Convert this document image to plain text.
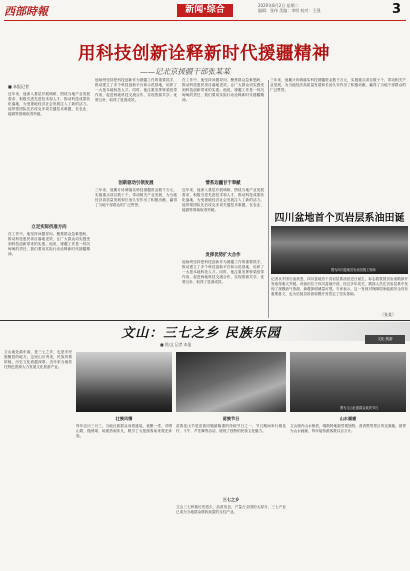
西部時報	新闻·综合	2020年8月2日 星期二
编辑：张伟 美编：李明 校对：王强	3
用科技创新诠释新时代援疆精神
——记北京援疆干部张某某
■ 本报记者
近年来，他深入基层开展调研，围绕当地产业发展需求，积极引进先进技术和人才，推动科技成果转化落地，为受援地经济社会发展注入了新的活力。他带领团队先后攻克多项关键技术难题，在农业、能源等领域取得突破。
立足实际找准方向
在工作中，他坚持问题导向，聚焦群众急难愁盼，推动科技惠民项目落地见效，让广大群众切实感受到科技创新带来的实惠。他说，援疆工作是一份沉甸甸的责任，我们要用实际行动诠释新时代援疆精神。
他始终坚持把科技创新作为援疆工作的重要抓手，推动建立了多个科技创新平台和示范基地，培养了一大批本地科技人才。同时，他注重发挥桥梁纽带作用，促进两地科技交流合作，实现资源共享、优势互补，取得了显著成效。
创新驱动引领发展
三年来，他累计协调落实科技援疆资金数千万元，实施重点项目数十个，带动相关产业发展，为当地经济高质量发展和长治久安作出了积极贡献，赢得了当地干部群众的广泛赞誉。
在工作中，他坚持问题导向，聚焦群众急难愁盼，推动科技惠民项目落地见效，让广大群众切实感受到科技创新带来的实惠。他说，援疆工作是一份沉甸甸的责任，我们要用实际行动诠释新时代援疆精神。
情系边疆甘于奉献
近年来，他深入基层开展调研，围绕当地产业发展需求，积极引进先进技术和人才，推动科技成果转化落地，为受援地经济社会发展注入了新的活力。他带领团队先后攻克多项关键技术难题，在农业、能源等领域取得突破。
发挥优势扩大合作
他始终坚持把科技创新作为援疆工作的重要抓手，推动建立了多个科技创新平台和示范基地，培养了一大批本地科技人才。同时，他注重发挥桥梁纽带作用，促进两地科技交流合作，实现资源共享、优势互补，取得了显著成效。
三年来，他累计协调落实科技援疆资金数千万元，实施重点项目数十个，带动相关产业发展，为当地经济高质量发展和长治久安作出了积极贡献，赢得了当地干部群众的广泛赞誉。
四川盆地首个页岩层系油田诞
图为四川盆地页岩油田施工现场
记者从中国石油获悉，四川盆地首个页岩层系油田近日诞生，标志着我国页岩油勘探开发取得重大突破。该油田位于四川盆地中部，经过多年攻关，勘探人员在页岩层系中发现了规模油气资源，新增探明储量可观。专家表示，这一发现对保障国家能源安全具有重要意义，也为后续页岩油规模开发奠定了坚实基础。
（张某）
文山：三七之乡 民族乐园
■ 图/文 记者 本报
文化·旅游
文山地处滇东南，是三七之乡，也是多民族聚居的地方。这里山川秀美，民族风情浓郁，历史文化底蕴深厚，近年来当地依托特色资源大力发展文化旅游产业。
图为文山壮族群众欢庆节日
壮族风情
每年农历三月三，当地壮族群众身着盛装，欢聚一堂，对唱山歌，抛绣球，场面热闹非凡，吸引了大批游客前来观光体验。
苗族节日
苗族花山节是苗族同胞最隆重的传统节日之一，节日期间举行爬花杆、斗牛、芦笙舞等活动，展现了独特的民族文化魅力。
三七之乡
文山三七种植历史悠久，品质优良，产量占全国的大部分，三七产业已成为当地群众增收致富的支柱产业。
山水画廊
文山境内山水相依，喀斯特地貌景观独特，普者黑等景区风光旖旎，被誉为山水画廊，每年接待游客数以百万计。
